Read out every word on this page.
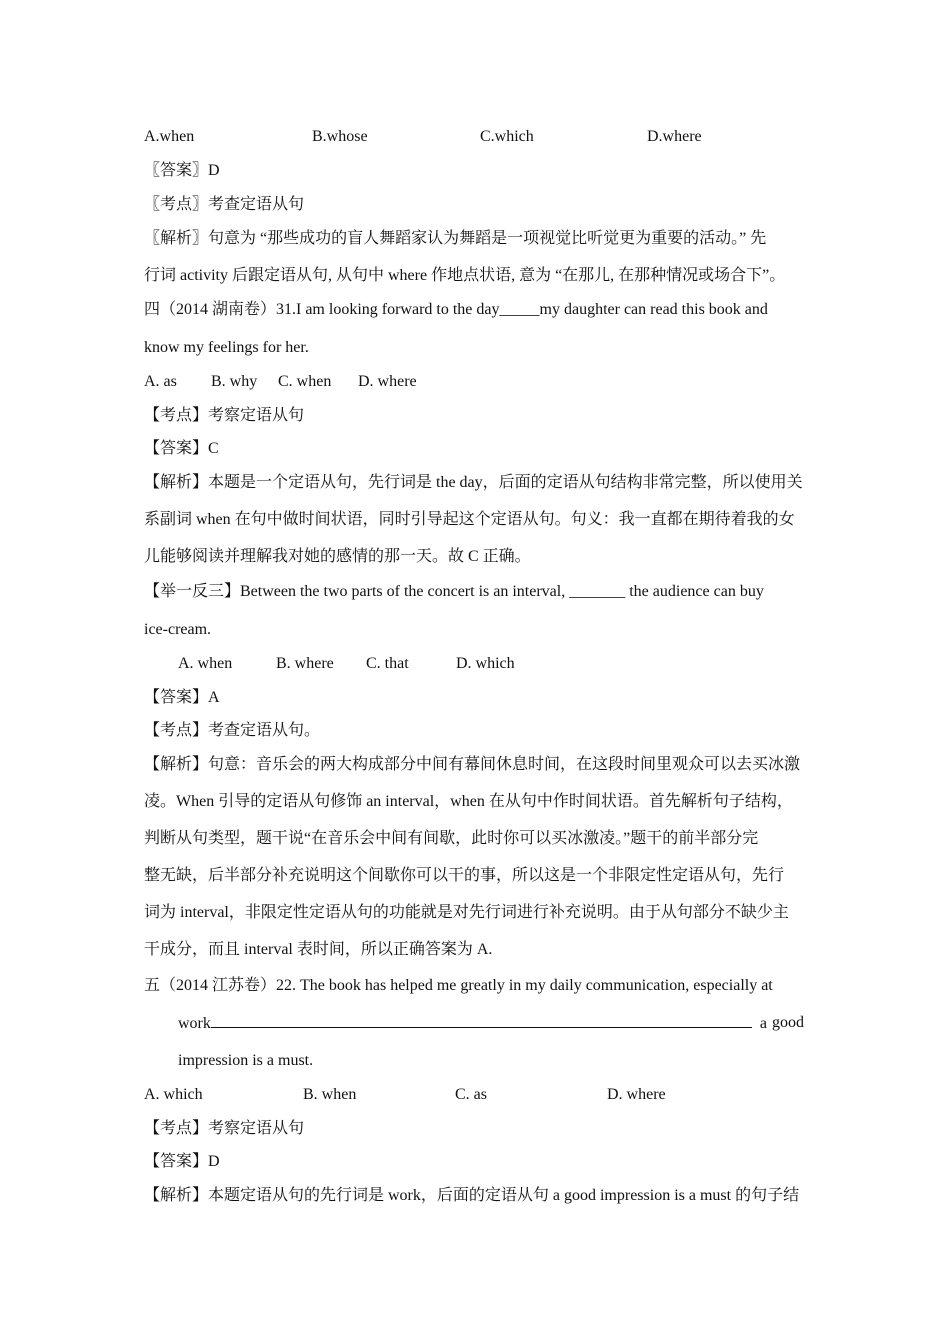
A.when	B.whose	C.which	D.where
〖答案〗D
〖考点〗考查定语从句
〖解析〗句意为 “那些成功的盲人舞蹈家认为舞蹈是一项视觉比听觉更为重要的活动。” 先
行词 activity 后跟定语从句, 从句中 where 作地点状语, 意为 “在那儿, 在那种情况或场合下”。
四（2014 湖南卷）31.I am looking forward to the day_____my daughter can read this book and
know my feelings for her.
A. as B. why C. when D. where
【考点】考察定语从句
【答案】C
【解析】本题是一个定语从句，先行词是 the day，后面的定语从句结构非常完整，所以使用关
系副词 when 在句中做时间状语，同时引导起这个定语从句。句义：我一直都在期待着我的女
儿能够阅读并理解我对她的感情的那一天。故 C 正确。
【举一反三】Between the two parts of the concert is an interval, _______ the audience can buy
ice-cream.
A. when	B. where C. that	D. which
【答案】A
【考点】考查定语从句。
【解析】句意：音乐会的两大构成部分中间有幕间休息时间，在这段时间里观众可以去买冰激
凌。When 引导的定语从句修饰 an interval，when 在从句中作时间状语。首先解析句子结构，
判断从句类型，题干说“在音乐会中间有间歇，此时你可以买冰激凌。”题干的前半部分完
整无缺，后半部分补充说明这个间歇你可以干的事，所以这是一个非限定性定语从句，先行
词为 interval，非限定性定语从句的功能就是对先行词进行补充说明。由于从句部分不缺少主
干成分，而且 interval 表时间，所以正确答案为 A.
五（2014 江苏卷）22. The book has helped me greatly in my daily communication, especially at
work	a good
impression is a must.
A. which	B. when	C. as	D. where
【考点】考察定语从句
【答案】D
【解析】本题定语从句的先行词是 work，后面的定语从句 a good impression is a must 的句子结
